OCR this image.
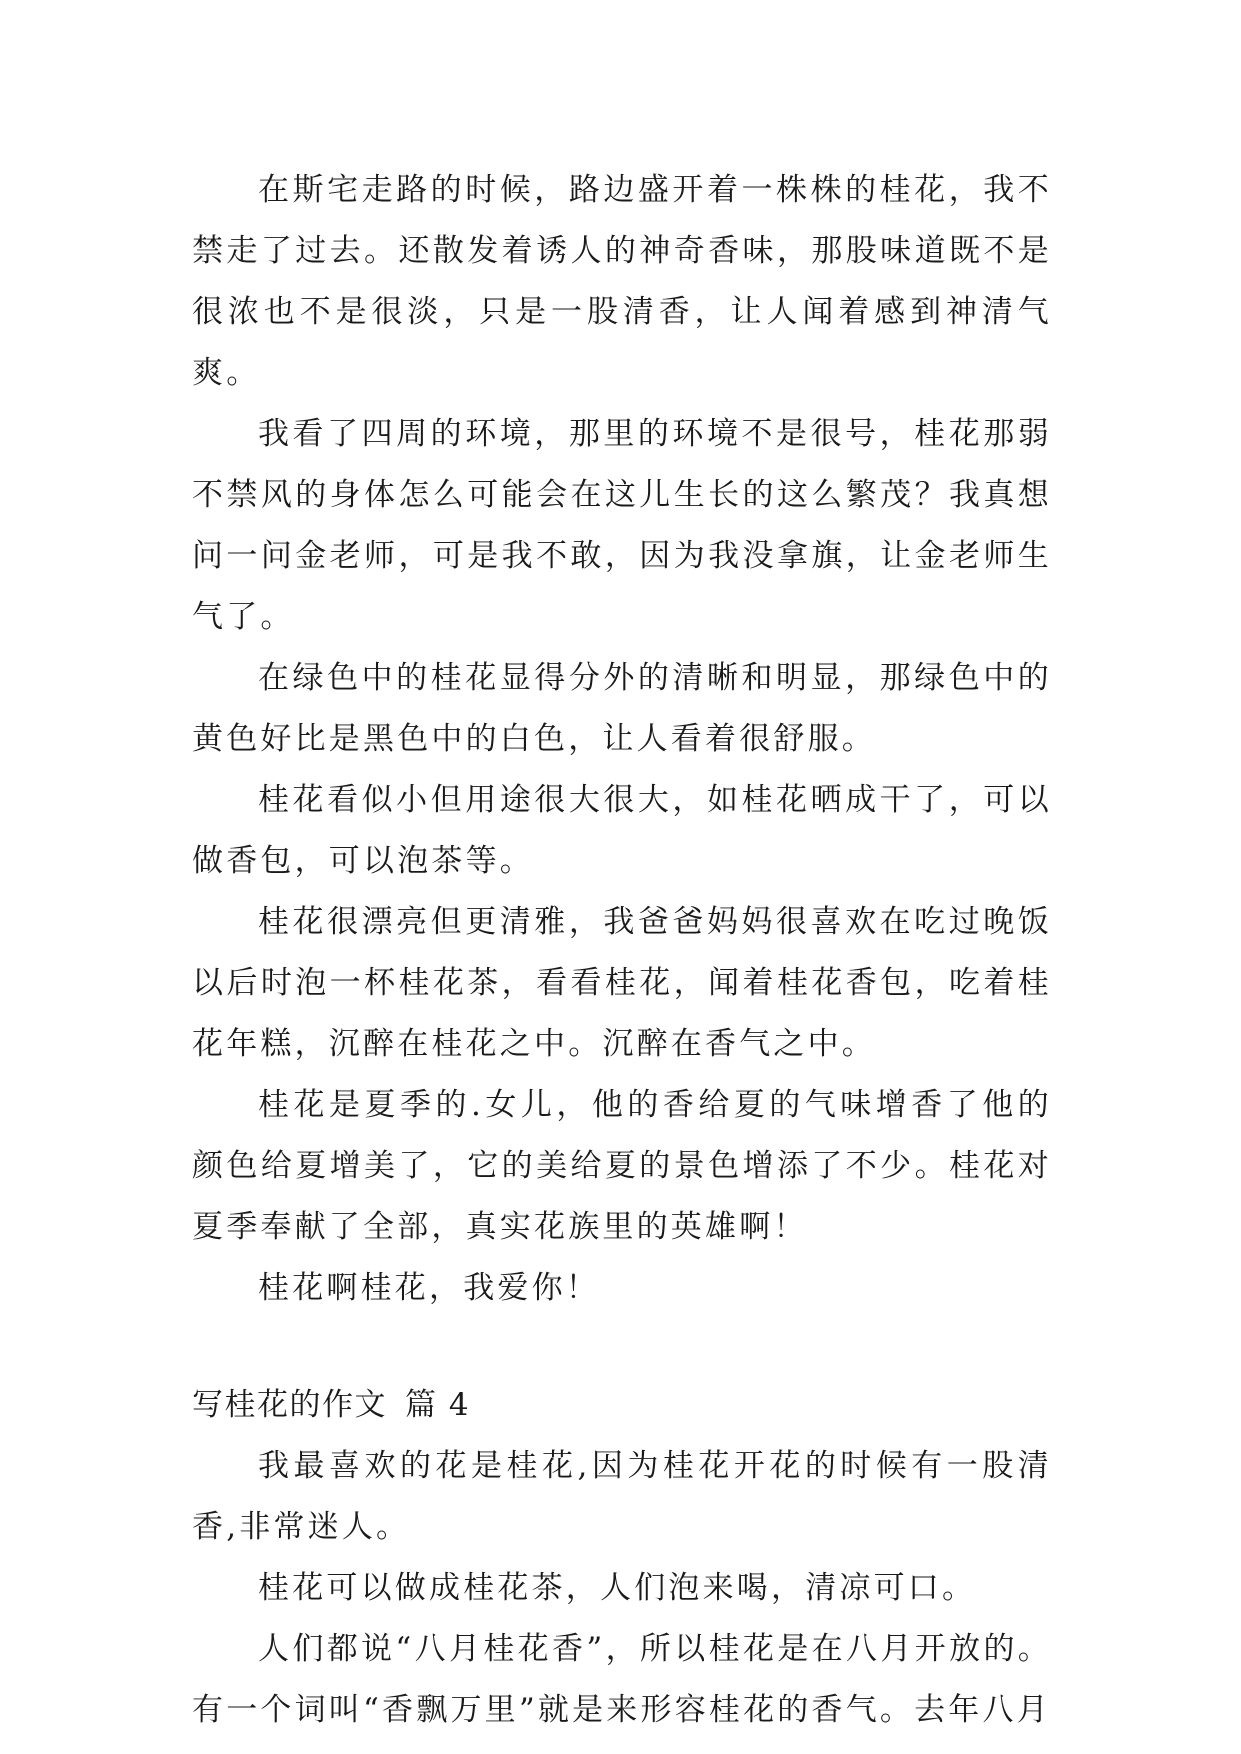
在斯宅走路的时候，路边盛开着一株株的桂花，我不禁走了过去。还散发着诱人的神奇香味，那股味道既不是很浓也不是很淡，只是一股清香，让人闻着感到神清气爽。

我看了四周的环境，那里的环境不是很号，桂花那弱不禁风的身体怎么可能会在这儿生长的这么繁茂？我真想问一问金老师，可是我不敢，因为我没拿旗，让金老师生气了。

在绿色中的桂花显得分外的清晰和明显，那绿色中的黄色好比是黑色中的白色，让人看着很舒服。

桂花看似小但用途很大很大，如桂花晒成干了，可以做香包，可以泡茶等。

桂花很漂亮但更清雅，我爸爸妈妈很喜欢在吃过晚饭以后时泡一杯桂花茶，看看桂花，闻着桂花香包，吃着桂花年糕，沉醉在桂花之中。沉醉在香气之中。

桂花是夏季的.女儿，他的香给夏的气味增香了他的颜色给夏增美了，它的美给夏的景色增添了不少。桂花对夏季奉献了全部，真实花族里的英雄啊！

桂花啊桂花，我爱你！

写桂花的作文 篇 4

我最喜欢的花是桂花,因为桂花开花的时候有一股清香,非常迷人。

桂花可以做成桂花茶，人们泡来喝，清凉可口。

人们都说“八月桂花香”，所以桂花是在八月开放的。有一个词叫“香飘万里”就是来形容桂花的香气。去年八月
